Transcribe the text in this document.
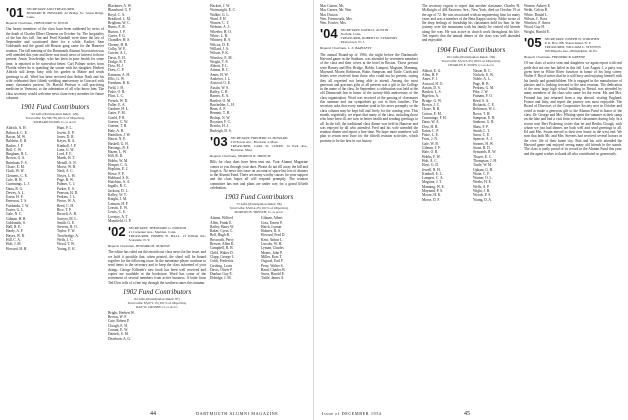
'01 SECRETARY AND TREASURER
HOWARD H. HOWARD, 42 Bridge St., Gleen Ridge, Conn.
Bequest Chairman, THEODORE W. WOOD

Our hearty members of the class have been saddened by news of the death of Charles Elbert Clemens on October 1st. The hospitality of the Inn this fall, Jim and Pearl Kimball were there the last of September and vacationed there for a while. Earlier, Sam Goldsmith and the grand old Boston gang came for the Hanover reunion. The fall meeting of the Dartmouth Alumni Association was well attended this year and there was much news of interest to those present. Amos Trowbridge, who has been in poor health for some time, is reported to be somewhat better. Carl Palmer writes from Florida where he is spending the winter with his daughter. Herbert Aldrich still keeps busy with his garden in Maine and sends greetings to all. Word has been received that Arthur Nash and his wife celebrated their fiftieth wedding anniversary in Concord with many classmates present. Dr. Harold Pearson is still practicing medicine in Vermont, to the admiration of all who know him. The class secretary would welcome news from every member for future columns.

1901 Fund Contributors
92 Gifts (Participation Index: 129)
Total Gifts: $3,790.78 (101% of Objective)
RICHARD WOOD, Class Agent
Aldrich, A. H.
Babcock, C. E.
Bacon, M. W.
Baldwin, E. R.
Barker, J. P.
Bell, C. W.
Bingham, R. L.
Brown, G. A.
Burnham, F. S.
Chase, E. M.
Clark, W. W.
Clemens, C. E.
Cole, H. H.
Cummings, L. J.
Dana, R. G.
Dewey, A. L.
Eaton, H. P.
Emerson, T. S.
Fairbanks, J. W.
Foster, G. L.
Gale, N. C.
Gilman, H. B.
Goldsmith, S.
Hall, R. E.
Hardy, A. F.
Hayes, W. R.
Hill, C. A.
Holt, J. M.
Howard, H. H.
Hunt, F. L.
Jewett, E. P.
Jones, D. R.
Keyes, R. A.
Kimball, J. P.
Lane, G. W.
Lord, F. E.
Marsh, H. T.
Merrill, A. N.
Morse, W. B.
Nash, A. C.
Noyes, L. H.
Page, R. W.
Palmer, C. J.
Parker, E. S.
Pearson, H. D.
Perkins, J. L.
Pierce, W. A.
Reed, C. H.
Rice, T. F.
Russell, A. B.
Sawyer, M. L.
Smith, G. E.
Stevens, R. O.
Taylor, F. W.
Trowbridge, A.
Wells, J. C.
Wood, T. W.
Young, E. K.
Blackmer, A. W.
Blanchard, G. F.
Boyd, C. A.
Bradford, L. M.
Brigham, W. C.
Burns, E. R.
Burton, J. P.
Carter, F. G.
Chandler, H. S.
Cheney, H. R.
Colby, W. E.
Currier, A. L.
Davis, E. H.
Dodge, R. T.
Dow, M. J.
Drew, C. P.
Eastman, A. H.
Ellis, G. W.
Farnham, R. K.
Field, J. H.
Fiske, O. B.
Flint, L. C.
French, W. D.
Fuller, E. A.
Gardner, H. L.
Gates, F. M.
Gould, P. R.
Graves, C. W.
Greene, T. B.
Hale, A. R.
Hamilton, J. W.
Harris, N. E.
Haskell, G. H.
Hastings, B. F.
Hazen, L. W.
Hill, R. D.
Hobbs, W. M.
Hooper, C. G.
Hopkins, E. J.
Howe, F. P.
Hubbard, S. K.
Hutchins, A. A.
Ingalls, R. C.
Jackson, D. L.
Kelley, W. T.
Knight, J. M.
Lamson, H. F.
Leavitt, E. W.
Lewis, C. S.
Lovejoy, A. T.
Mansfield, G. P.
'02 SECRETARY, THEODORE G. NORTON
41 Carpenter Ave., Meriden, Conn.
TREASURER, HOMER B. HALL, 15 Pelham Rd., Scarsdale, N. Y.
Bequest Chairman, HOWARD M. NORTON

The editor has ruled out this month our class news for the issue, and we hold it possible that, when printed, the sheaf will be bound together for the following issue. In the meantime please continue to send items to the secretary and to keep the class informed of your doings. George Kilbreth's new book has been well received and copies are available at the bookstore. Word has come of the retirement of several members from active business. A letter from Ted Dow tells of a fine trip through the southern states this autumn.

1902 Fund Contributors
62 Gifts (Participation Index: 87)
Total Gifts: $3,071.15 (101% of Objective)
RAY W. CROSBY, Class Agent
Bright, Herbert W.
Brown, W. F.
Cate, Robert P.
Clough, E. H.
Conant, E. W.
Daniels, S. M.
Dearborn, A. G.
Hackett, J. W.
Wainwright, E. C.
Walker, G. L.
Ward, F. H.
Warren, C. T.
Webster, A. J.
Wheeler, H. O.
White, L. B.
Whitney, R. S.
Wilcox, D. E.
Willard, J. A.
Wilson, P. K.
Winslow, E. M.
Wright, T. P.
Abbott, F. L.
Adams, R. C.
Ames, H. W.
Andrews, J. L.
Atwood, G. E.
Austin, W. S.
Bailey, C. R.
Barnes, E. A.
Bartlett, O. M.
Batchelder, L. H.
Bean, A. F.
Bennett, T. R.
Bishop, N. W.
Boynton, F. C.
Brooks, H. J.
Burleigh, D. S.
'03 SECRETARY, FREDERIC D. HOWARD
219 Forest Ave., Brockton 4, Mass.
TREASURER, CARL W. CURRY, 14 Park Ave., Brockton, Mass.
Bequest Chairman, MORTON B. TRENCH

Bills for class dues have been sent out. Your Alumni Magazine comes to you through your dues. Please do not fill away the bill and forget it. No news this issue on account of space but lots of dinners to the Alumni Fund. There are many worthy causes for your support and the class hopes all will respond promptly. The reunion committee has met and plans are under way for a grand fiftieth celebration.

1903 Fund Contributors
75 Gifts (Participation Index: 96)
Total Gifts: $3,614.25 (101% of Objective)
MORTON B. TRENCH, Class Agent
Adams, Wilfred
Allen, Frank E.
Bailey, Harry W.
Baker, Cyrus C.
Bell, Hugh R.
Bosworth, Percy
Brewer, Allen K.
Campbell, R. H.
Child, Walter D.
Clapp, George L.
Cobb, Frederick
Cushing, Louis
Davis, Oliver P.
Dunbar, Guy E.
Eldridge, J. M.
Gilman, Albert
Goss, Ernest P.
Hatch, Lyman
Holmes, R. S.
Howard, Fred D.
Kent, Arthur L.
Lincoln, W. H.
Lyman, Charles
Means, John P.
Miller, Ross T.
Osgood, Earl F.
Perry, Walter S.
Rand, Charles B.
Snow, Harold E.
Tuttle, James A.
44	DARTMOUTH ALUMNI MAGAZINE
Mac Cutton, Ms.
Mac Carnes, Mr. Wm.
Mac Dotson
Wm. Farnsworth, Mrs.
Wm. Fowler, Mrs.
'04 SECRETARY, DAVID S. AUSTIN
Norfolk, Conn.
TREASURER, ROBERT W. SYMONDS
Morristown, N. J.
Bequest Chairman, L. S. BARTLETT

The annual Round-up of 1904, the night before the Dartmouth-Harvard game in the Stadium, was attended by seventeen members of the class and their wives at the hotel in Boston. Those present were Barney and Mrs. Bridge, Hobbs, Lampert, Magsine, Manning, Maynard, Moore, Robinson, Waite, Sampson, and Tuttle. Cards and letters were received from those who could not be present, saying they all regretted not being able to attend. Among the most generous and gracious gifts of all present was a gift to the College in the name of the class. In September, a celebration was held at the old Dartmouth Inn in honor of the twenty-fifth anniversary of the class organization. Word was received of the passing of classmates this summer and our sympathies go out to their families. The secretary asks that every member send in his news promptly so the class column may be kept full and lively for the coming year. This month, regretfully, we report that many of the class, including those who have been ill, are now in better health and sending greetings to all. In the fall, the traditional class dinner was held in Hanover and was enjoyed by all who attended. Fred and his wife attended the reunion dinner and report a fine time. We hope more members will plan to return next June for the fiftieth reunion activities, which promise to be the best in our history.

The secretary regrets to report that another classmate, Charles H. McKnight of 404 Eastview Ave., New York, died on October 19 at the age of 72. He was associated with an engineering firm for many years and was a member of the Beta Kappa society. Eddie wrote of the deep feelings of friendship his classmates held for him. In the journey over the mountains with his family he visited old friends along the way. He was active in church work throughout his life. Ted reports that the annual dinner of the class was well attended and enjoyable.

1904 Fund Contributors
101 Gifts (Participation Index: 136)
Total Gifts: $5,513.43 (185% of Objective)
CHARLES E. SNOW, Class Agent
Abbott, E. G.
Allen, H. F.
Ames, F. J.
Atwood, H. O.
Austin, D. S.
Bartlett, L. S.
Bigelow, A.
Bridge, G. W.
Brown, J. C.
Chase, R. B.
Cotton, E. M.
Cummings, F. H.
Dana, W. A.
Dow, H. R.
Eaton, C. P.
Fiske, L. E.
Frost, J. N.
Gale, W. B.
Gilman, T. F.
Hale, O. R.
Hobbs, F. W.
Holt, A. C.
Hoyt, G. D.
Jewell, R. H.
Kimball, E. L.
Lampert, C. A.
Magsine, J. T.
Manning, W. E.
Maynard, P. S.
Moore, H. K.
Morse, D. F.
Nason, R. C.
Nichols, E. W.
Noble, A. L.
Page, H. B.
Perkins, G. M.
Pike, J. W.
Putnam, F. O.
Reed, S. A.
Richards, C. E.
Robinson, W. L.
Rowe, T. H.
Sampson, E. B.
Sanborn, G. R.
Shaw, F. P.
Smith, L. T.
Snow, C. E.
Spencer, A. J.
Stearns, H. W.
Stone, R. D.
Symonds, R. W.
Thayer, E. C.
Thompson, J. H.
Tuttle, W. M.
Upham, G. B.
Waite, C. F.
Warner, O. L.
Weeks, H. E.
Wells, A. P.
Wight, J. R.
Woods, F. S.
Young, D. A.
Warren, Aubrey E.
Webb, Calvin B.
White, Daniel L.
Wilson, C. Ross
Winslow, F. Amos
Wood, Guy H.
Wright, Harold E.
'05 SECRETARY, JOSEPH W. WORTHEN
P. O. Box 188, Staten Island, N. Y.
TREASURER, WILLIAM C. STEVENS
190 Mineola Ave., Philadelphia 18, Pa.
Bequest Chairman, FREDERICK GREENE

Of our class of active sons and daughters we again report with real pride that not one has failed us this fall. Last August 1, a party was given here in White River Junction in honor of his long career. Walter F. Boyd writes that he is still busy and enjoying himself with his family and grandchildren. He is engaged in the manufacture of plastics and is looking forward to the next reunion. The dedication of the new large high school building in Bristol was attended by many members of the class who came for the event. Mr. and Mrs. Ferrand has just returned from a trip abroad, visiting England, France and Italy, and report the journey was most enjoyable. The Board of Directors of the Cooperative Society met in October and voted to make a generous gift to the Alumni Fund in honor of the class. Dr. George and Mrs. Whiting spent the summer at their camp on the lake and had a visit from several classmates during July. In a recent note Bert Pickering writes that he and Bertha Clough, with whom we just had dinner, are both well and send greetings to all. Ed and Mrs. Swain moved to their new home in the west end. We note that both Mr. and Mrs. Stevens had received several honors in the civic life of their home city. Bob and his wife attended the Harvard game and enjoyed seeing many old friends in the stands. The class is justly proud of its record in the Alumni Fund this year, and the agent wishes to thank all who contributed so generously.

Issue of DECEMBER 1954	45
